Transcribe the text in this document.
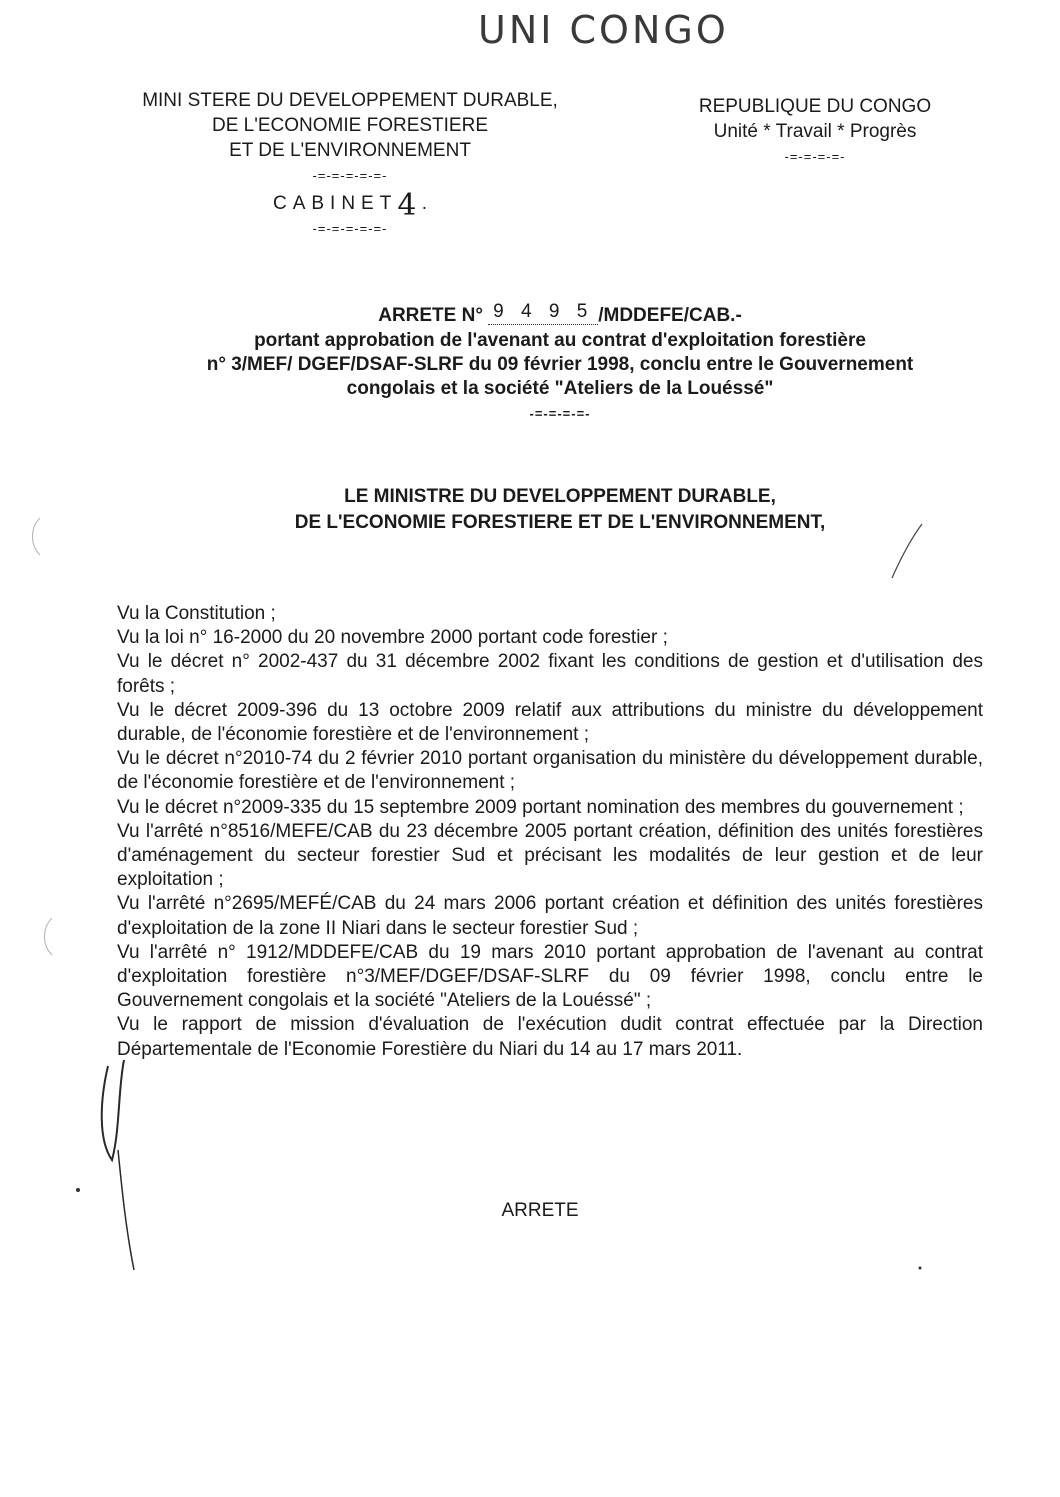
UNI CONGO
MINI STERE DU DEVELOPPEMENT DURABLE,
DE L'ECONOMIE FORESTIERE
ET DE L'ENVIRONNEMENT
-=-=-=-=-=-
CABINET4 .
-=-=-=-=-=-
REPUBLIQUE DU CONGO
Unité * Travail * Progrès
-=-=-=-=-
ARRETE N° 9 4 9 5 /MDDEFE/CAB.-
portant approbation de l'avenant au contrat d'exploitation forestière
n° 3/MEF/ DGEF/DSAF-SLRF du 09 février 1998, conclu entre le Gouvernement
congolais et la société "Ateliers de la Louéssé"
-=-=-=-=-
LE MINISTRE DU DEVELOPPEMENT DURABLE,
DE L'ECONOMIE FORESTIERE ET DE L'ENVIRONNEMENT,
Vu la Constitution ;
Vu la loi n° 16-2000 du 20 novembre 2000 portant code forestier ;
Vu le décret n° 2002-437 du 31 décembre 2002 fixant les conditions de gestion et d'utilisation des forêts ;
Vu le décret 2009-396 du 13 octobre 2009 relatif aux attributions du ministre du développement durable, de l'économie forestière et de l'environnement ;
Vu le décret n°2010-74 du 2 février 2010 portant organisation du ministère du développement durable, de l'économie forestière et de l'environnement ;
Vu le décret n°2009-335 du 15 septembre 2009 portant nomination des membres du gouvernement ;
Vu l'arrêté n°8516/MEFE/CAB du 23 décembre 2005 portant création, définition des unités forestières d'aménagement du secteur forestier Sud et précisant les modalités de leur gestion et de leur exploitation ;
Vu l'arrêté n°2695/MEFÉ/CAB du 24 mars 2006 portant création et définition des unités forestières d'exploitation de la zone II Niari dans le secteur forestier Sud ;
Vu l'arrêté n° 1912/MDDEFE/CAB du 19 mars 2010 portant approbation de l'avenant au contrat d'exploitation forestière n°3/MEF/DGEF/DSAF-SLRF du 09 février 1998, conclu entre le Gouvernement congolais et la société "Ateliers de la Louéssé" ;
Vu le rapport de mission d'évaluation de l'exécution dudit contrat effectuée par la Direction Départementale de l'Economie Forestière du Niari du 14 au 17 mars 2011.
ARRETE
